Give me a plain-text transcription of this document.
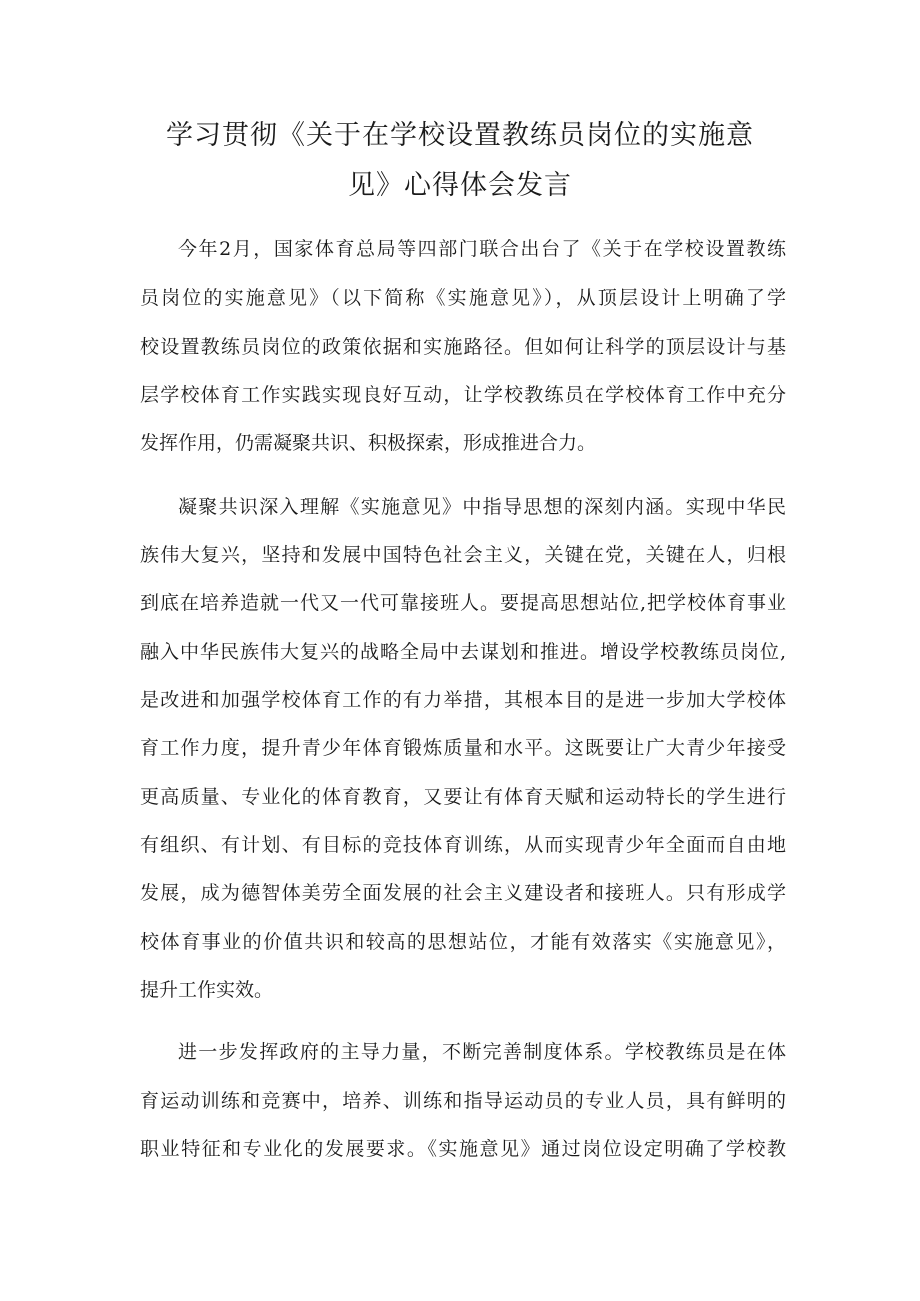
学习贯彻《关于在学校设置教练员岗位的实施意
见》心得体会发言
今年2月，国家体育总局等四部门联合出台了《关于在学校设置教练
员岗位的实施意见》（以下简称《实施意见》），从顶层设计上明确了学
校设置教练员岗位的政策依据和实施路径。但如何让科学的顶层设计与基
层学校体育工作实践实现良好互动，让学校教练员在学校体育工作中充分
发挥作用，仍需凝聚共识、积极探索，形成推进合力。
凝聚共识深入理解《实施意见》中指导思想的深刻内涵。实现中华民
族伟大复兴，坚持和发展中国特色社会主义，关键在党，关键在人，归根
到底在培养造就一代又一代可靠接班人。要提高思想站位,把学校体育事业
融入中华民族伟大复兴的战略全局中去谋划和推进。增设学校教练员岗位,
是改进和加强学校体育工作的有力举措，其根本目的是进一步加大学校体
育工作力度，提升青少年体育锻炼质量和水平。这既要让广大青少年接受
更高质量、专业化的体育教育，又要让有体育天赋和运动特长的学生进行
有组织、有计划、有目标的竞技体育训练，从而实现青少年全面而自由地
发展，成为德智体美劳全面发展的社会主义建设者和接班人。只有形成学
校体育事业的价值共识和较高的思想站位，才能有效落实《实施意见》，
提升工作实效。
进一步发挥政府的主导力量，不断完善制度体系。学校教练员是在体
育运动训练和竞赛中，培养、训练和指导运动员的专业人员，具有鲜明的
职业特征和专业化的发展要求。《实施意见》通过岗位设定明确了学校教
